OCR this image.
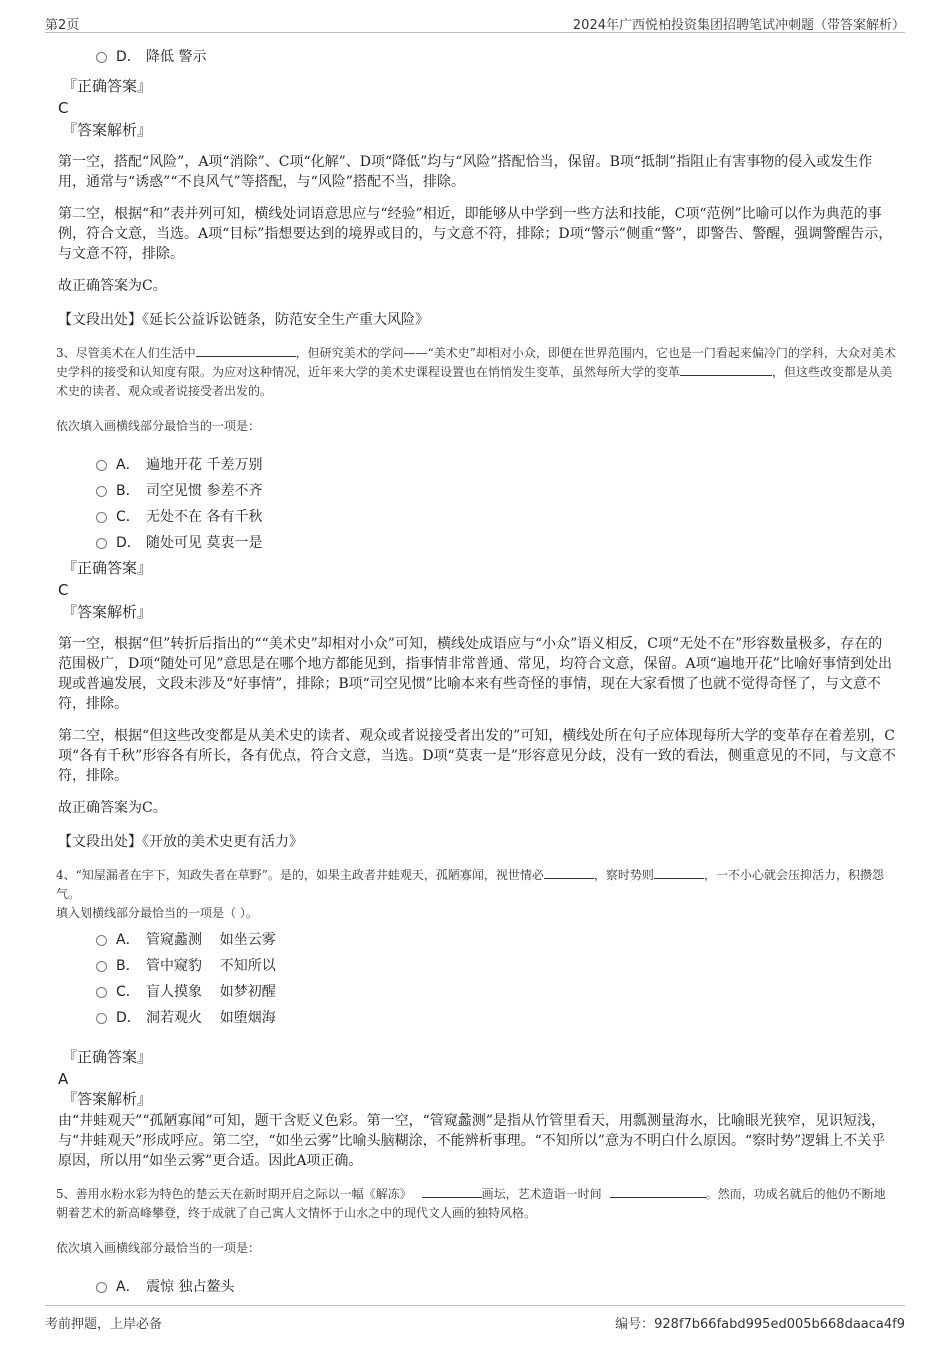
第2页	2024年广西悦柏投资集团招聘笔试冲刺题（带答案解析）
D． 降低 警示
『正确答案』
C
『答案解析』
第一空，搭配“风险”，A项“消除”、C项“化解”、D项“降低”均与“风险”搭配恰当，保留。B项“抵制”指阻止有害事物的侵入或发生作用，通常与“诱惑”“不良风气”等搭配，与“风险”搭配不当，排除。
第二空，根据“和”表并列可知，横线处词语意思应与“经验”相近，即能够从中学到一些方法和技能，C项“范例”比喻可以作为典范的事例，符合文意，当选。A项“目标”指想要达到的境界或目的，与文意不符，排除；D项“警示”侧重“警”，即警告、警醒，强调警醒告示，与文意不符，排除。
故正确答案为C。
【文段出处】《延长公益诉讼链条，防范安全生产重大风险》
3、尽管美术在人们生活中	，但研究美术的学问——“美术史”却相对小众，即便在世界范围内，它也是一门看起来偏冷门的学科，大众对美术史学科的接受和认知度有限。为应对这种情况，近年来大学的美术史课程设置也在悄悄发生变革，虽然每所大学的变革	，但这些改变都是从美术史的读者、观众或者说接受者出发的。
依次填入画横线部分最恰当的一项是：
A． 遍地开花 千差万别
B． 司空见惯 参差不齐
C． 无处不在 各有千秋
D． 随处可见 莫衷一是
『正确答案』
C
『答案解析』
第一空，根据“但”转折后指出的““美术史”却相对小众”可知，横线处成语应与“小众”语义相反，C项“无处不在”形容数量极多，存在的范围极广，D项“随处可见”意思是在哪个地方都能见到，指事情非常普通、常见，均符合文意，保留。A项“遍地开花”比喻好事情到处出现或普遍发展，文段未涉及“好事情”，排除；B项“司空见惯”比喻本来有些奇怪的事情，现在大家看惯了也就不觉得奇怪了，与文意不符，排除。
第二空，根据“但这些改变都是从美术史的读者、观众或者说接受者出发的”可知，横线处所在句子应体现每所大学的变革存在着差别，C项“各有千秋”形容各有所长，各有优点，符合文意，当选。D项“莫衷一是”形容意见分歧，没有一致的看法，侧重意见的不同，与文意不符，排除。
故正确答案为C。
【文段出处】《开放的美术史更有活力》
4、“知屋漏者在宇下，知政失者在草野”。是的，如果主政者井蛙观天，孤陋寡闻，视世情必	，察时势则	，一不小心就会压抑活力，积攒怨气。
填入划横线部分最恰当的一项是（ ）。
A． 管窥蠡测    如坐云雾
B． 管中窥豹    不知所以
C． 盲人摸象    如梦初醒
D． 洞若观火    如堕烟海
『正确答案』
A
『答案解析』
由“井蛙观天”“孤陋寡闻”可知，题干含贬义色彩。第一空，“管窥蠡测”是指从竹管里看天，用瓢测量海水，比喻眼光狭窄，见识短浅，与“井蛙观天”形成呼应。第二空，“如坐云雾”比喻头脑糊涂，不能辨析事理。“不知所以”意为不明白什么原因。“察时势”逻辑上不关乎原因，所以用“如坐云雾”更合适。因此A项正确。
5、善用水粉水彩为特色的楚云天在新时期开启之际以一幅《解冻》	画坛，艺术造诣一时间	。然而，功成名就后的他仍不断地朝着艺术的新高峰攀登，终于成就了自己寓人文情怀于山水之中的现代文人画的独特风格。
依次填入画横线部分最恰当的一项是：
A． 震惊 独占鳌头
考前押题，上岸必备	编号：928f7b66fabd995ed005b668daaca4f9
